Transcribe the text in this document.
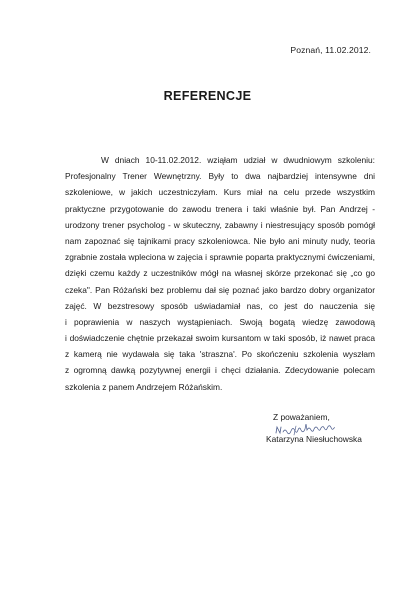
Poznań, 11.02.2012.
REFERENCJE
W dniach 10-11.02.2012. wziąłam udział w dwudniowym szkoleniu:
Profesjonalny Trener Wewnętrzny. Były to dwa najbardziej intensywne dni
szkoleniowe, w jakich uczestniczyłam. Kurs miał na celu przede wszystkim
praktyczne przygotowanie do zawodu trenera i taki właśnie był. Pan Andrzej -
urodzony trener psycholog - w skuteczny, zabawny i niestresujący sposób pomógł
nam zapoznać się tajnikami pracy szkoleniowca. Nie było ani minuty nudy, teoria
zgrabnie została wpleciona w zajęcia i sprawnie poparta praktycznymi ćwiczeniami,
dzięki czemu każdy z uczestników mógł na własnej skórze przekonać się „co go
czeka". Pan Różański bez problemu dał się poznać jako bardzo dobry organizator
zajęć. W bezstresowy sposób uświadamiał nas, co jest do nauczenia się
i poprawienia w naszych wystąpieniach. Swoją bogatą wiedzę zawodową
i doświadczenie chętnie przekazał swoim kursantom w taki sposób, iż nawet praca
z kamerą nie wydawała się taka 'straszna'. Po skończeniu szkolenia wyszłam
z ogromną dawką pozytywnej energii i chęci działania. Zdecydowanie polecam
szkolenia z panem Andrzejem Różańskim.
Z poważaniem,
Katarzyna Niesłuchowska
